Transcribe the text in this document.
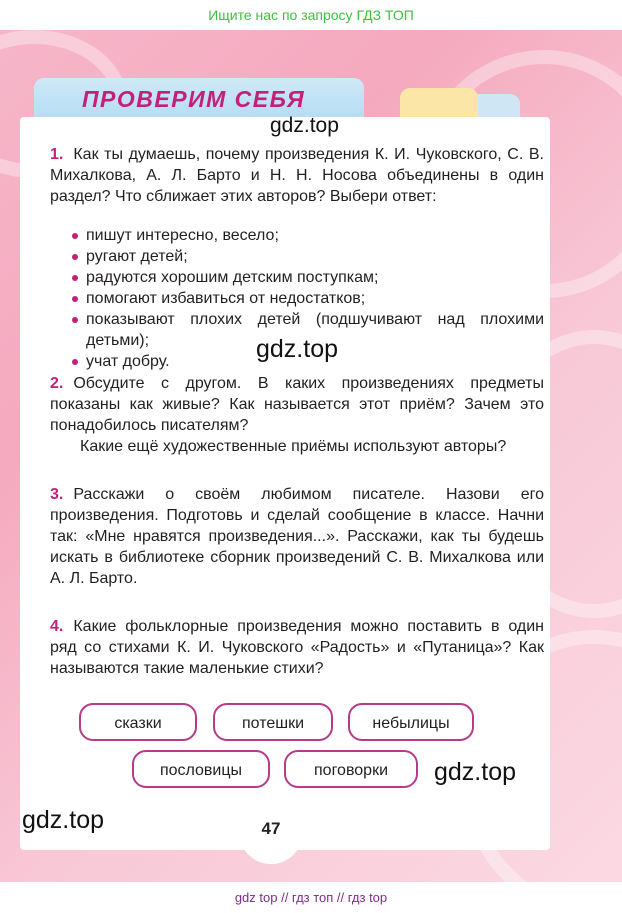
Ищите нас по запросу ГДЗ ТОП
ПРОВЕРИМ СЕБЯ
1. Как ты думаешь, почему произведения К. И. Чуковского, С. В. Михалкова, А. Л. Барто и Н. Н. Носова объединены в один раздел? Что сближает этих авторов? Выбери ответ:
пишут интересно, весело;
ругают детей;
радуются хорошим детским поступкам;
помогают избавиться от недостатков;
показывают плохих детей (подшучивают над плохими детьми);
учат добру.
2. Обсудите с другом. В каких произведениях предметы показаны как живые? Как называется этот приём? Зачем это понадобилось писателям?
Какие ещё художественные приёмы используют авторы?
3. Расскажи о своём любимом писателе. Назови его произведения. Подготовь и сделай сообщение в классе. Начни так: «Мне нравятся произведения...». Расскажи, как ты будешь искать в библиотеке сборник произведений С. В. Михалкова или А. Л. Барто.
4. Какие фольклорные произведения можно поставить в один ряд со стихами К. И. Чуковского «Радость» и «Путаница»? Как называются такие маленькие стихи?
сказки	потешки	небылицы
пословицы	поговорки
gdz.top
gdz.top
gdz.top
gdz.top	47
gdz top // гдз топ // гдз top
